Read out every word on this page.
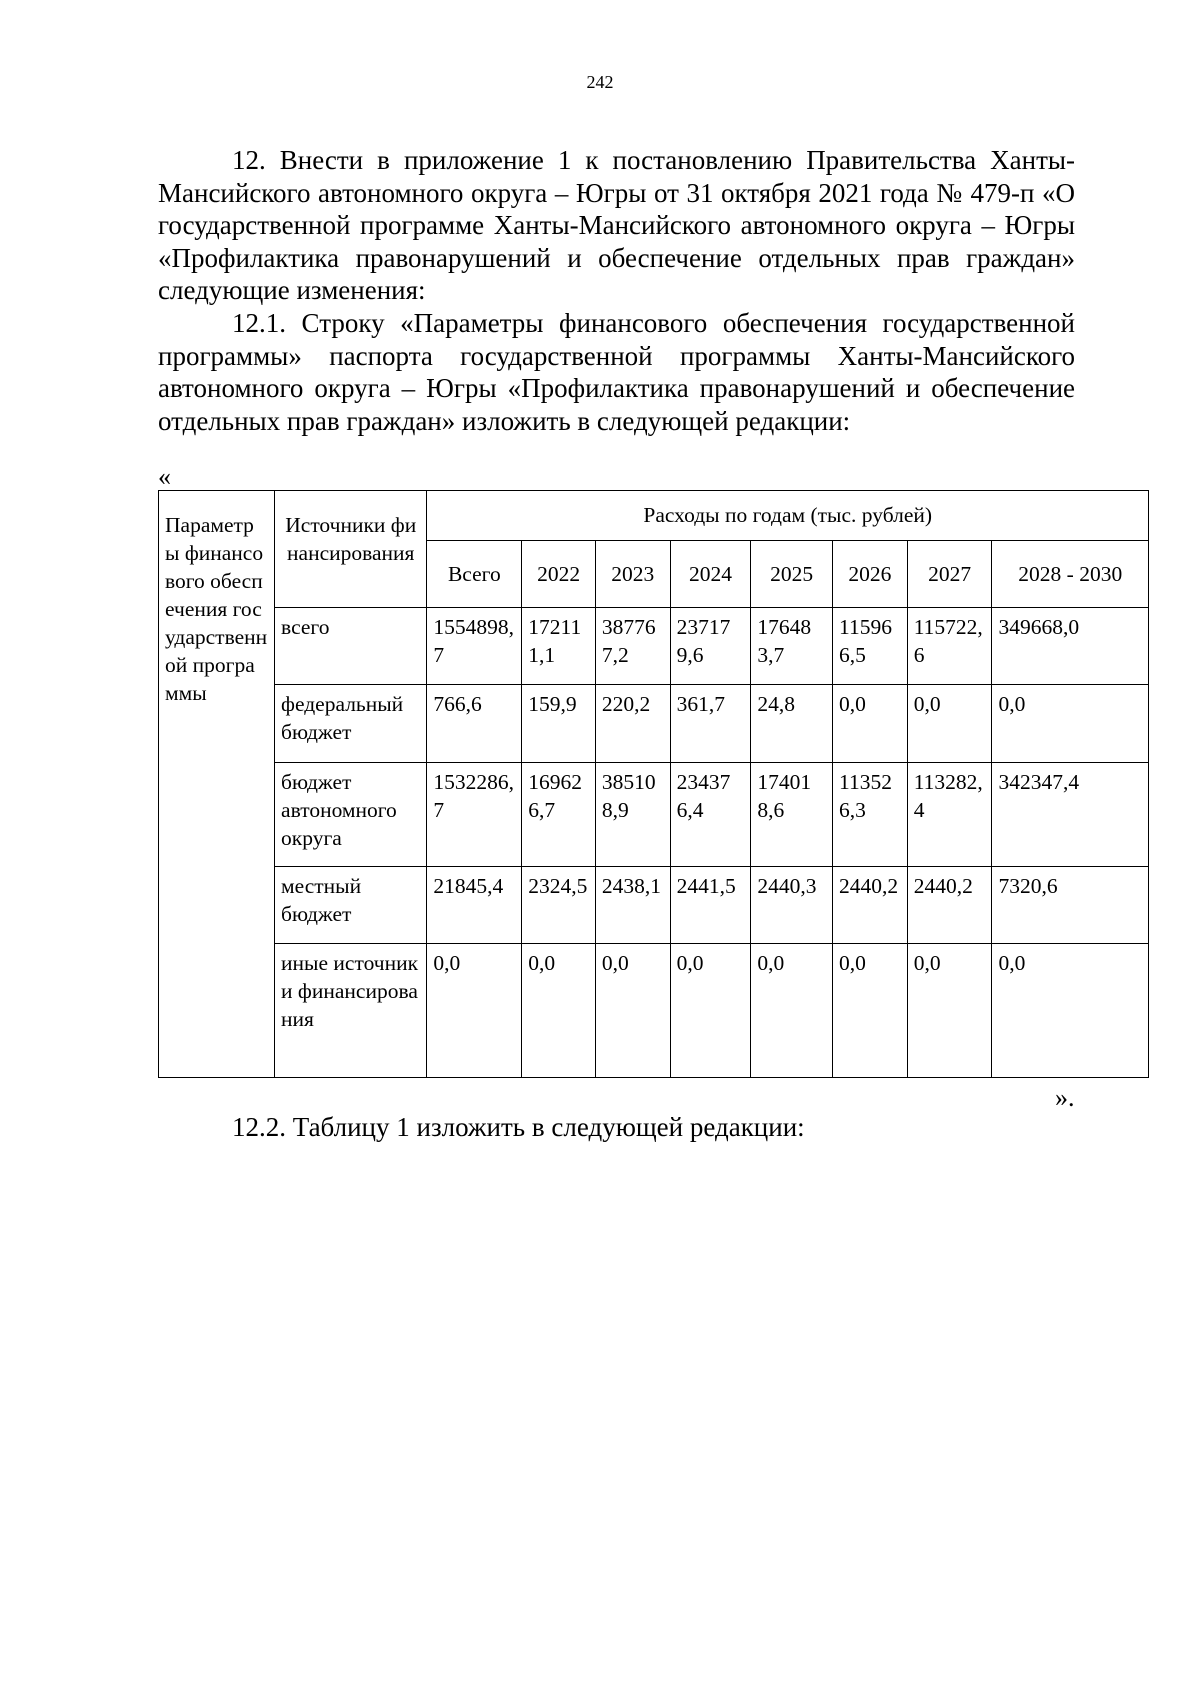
242

12. Внести в приложение 1 к постановлению Правительства Ханты-Мансийского автономного округа – Югры от 31 октября 2021 года № 479-п «О государственной программе Ханты-Мансийского автономного округа – Югры «Профилактика правонарушений и обеспечение отдельных прав граждан» следующие изменения:

12.1. Строку «Параметры финансового обеспечения государственной программы» паспорта государственной программы Ханты-Мансийского автономного округа – Югры «Профилактика правонарушений и обеспечение отдельных прав граждан» изложить в следующей редакции:

«
Параметры финансового обеспечения государственной программы	Источники финансирования	Расходы по годам (тыс. рублей)							
		Всего	2022	2023	2024	2025	2026	2027	2028 - 2030
	всего	1554898,7	172111,1	387767,2	237179,6	176483,7	115966,5	115722,6	349668,0
	федеральный бюджет	766,6	159,9	220,2	361,7	24,8	0,0	0,0	0,0
	бюджет автономного округа	1532286,7	169626,7	385108,9	234376,4	174018,6	113526,3	113282,4	342347,4
	местный бюджет	21845,4	2324,5	2438,1	2441,5	2440,3	2440,2	2440,2	7320,6
	иные источники финансирования	0,0	0,0	0,0	0,0	0,0	0,0	0,0	0,0
».

12.2. Таблицу 1 изложить в следующей редакции:
